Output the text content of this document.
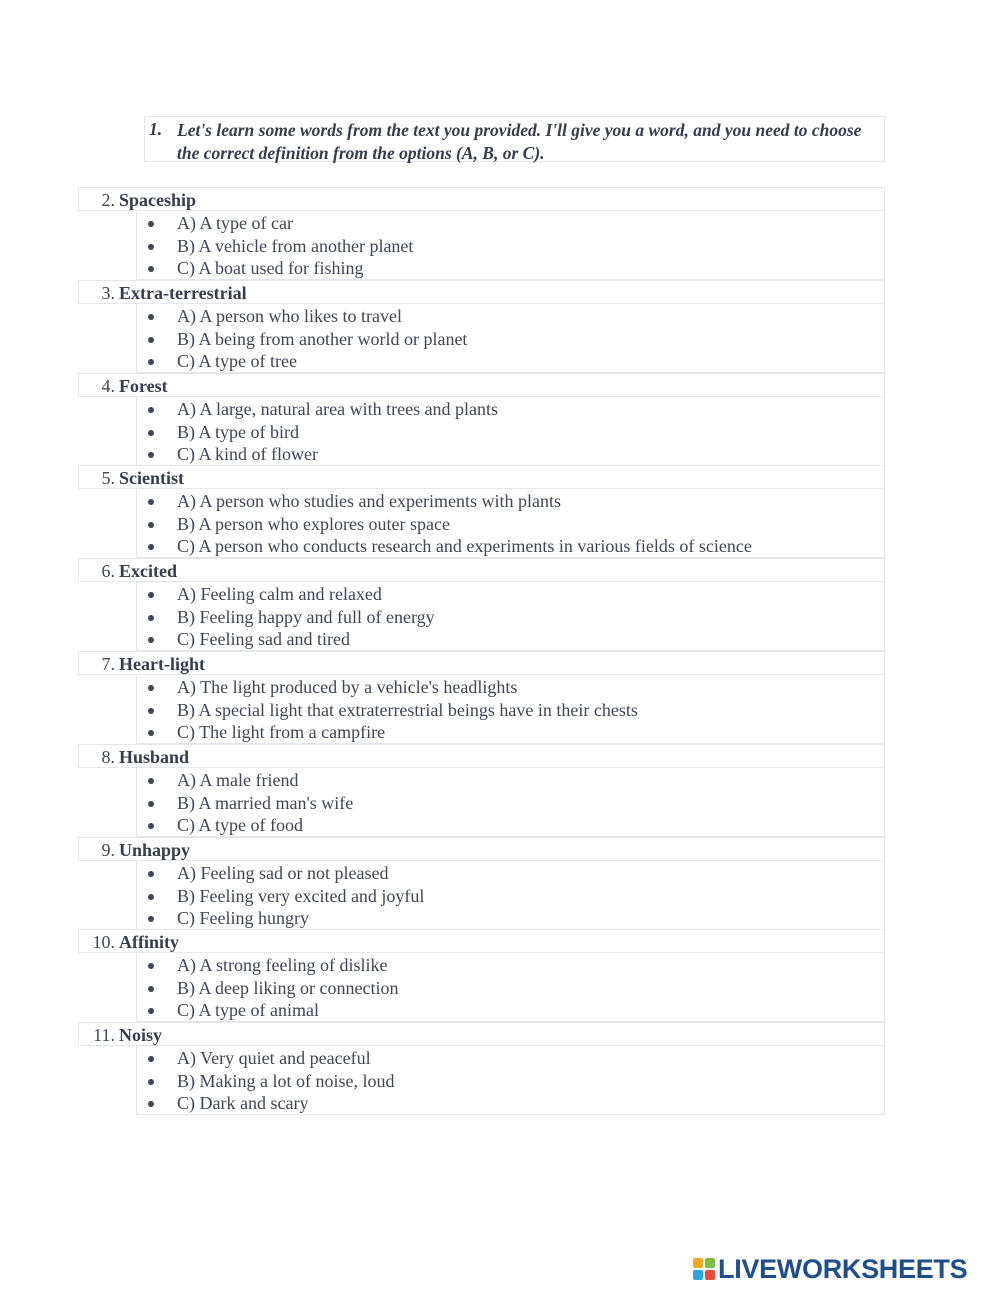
1. Let's learn some words from the text you provided. I'll give you a word, and you need to choose the correct definition from the options (A, B, or C).
2. Spaceship
A) A type of car
B) A vehicle from another planet
C) A boat used for fishing
3. Extra-terrestrial
A) A person who likes to travel
B) A being from another world or planet
C) A type of tree
4. Forest
A) A large, natural area with trees and plants
B) A type of bird
C) A kind of flower
5. Scientist
A) A person who studies and experiments with plants
B) A person who explores outer space
C) A person who conducts research and experiments in various fields of science
6. Excited
A) Feeling calm and relaxed
B) Feeling happy and full of energy
C) Feeling sad and tired
7. Heart-light
A) The light produced by a vehicle's headlights
B) A special light that extraterrestrial beings have in their chests
C) The light from a campfire
8. Husband
A) A male friend
B) A married man's wife
C) A type of food
9. Unhappy
A) Feeling sad or not pleased
B) Feeling very excited and joyful
C) Feeling hungry
10. Affinity
A) A strong feeling of dislike
B) A deep liking or connection
C) A type of animal
11. Noisy
A) Very quiet and peaceful
B) Making a lot of noise, loud
C) Dark and scary
LIVEWORKSHEETS
